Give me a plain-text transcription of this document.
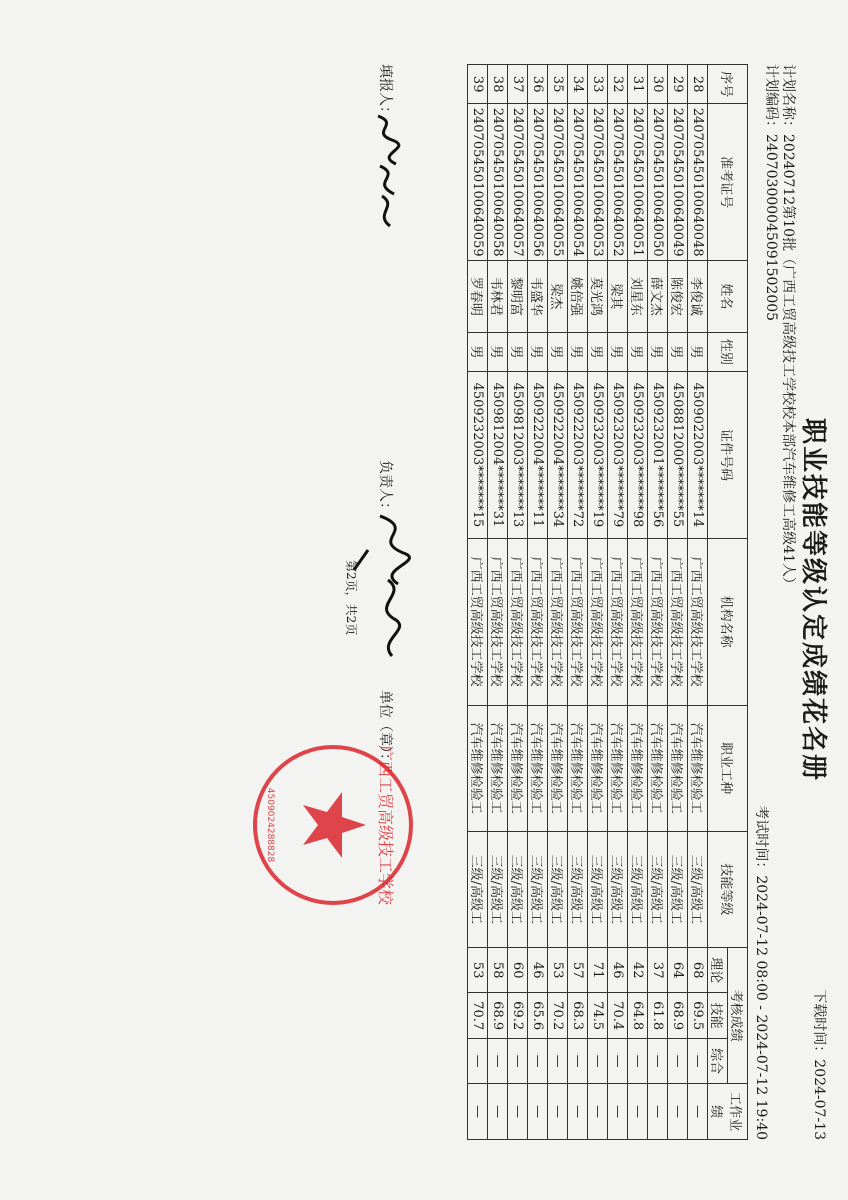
职业技能等级认定成绩花名册
下载时间：2024-07-13
计划名称：20240712第10批（广西工贸高级技工学校校本部汽车维修工高级41人）
计划编码：24070300004509150200​5
考试时间：2024-07-12 08:00 - 2024-07-12 19:40
序号	准考证号	姓名	性别	证件号码	机构名称	职业工种	技能等级	考核成绩			工作业绩
								理论	技能	综合	
28	240705450100640048	李俊诚	男	45090220​03*******14	广西工贸高级技工学校	汽车维修检验工	三级/高级工	68	69.5	—	—
29	240705450100640049	陈俊宏	男	45088120​00*******55	广西工贸高级技工学校	汽车维修检验工	三级/高级工	64	68.9	—	—
30	240705450100640050	薛文杰	男	45092320​01*******56	广西工贸高级技工学校	汽车维修检验工	三级/高级工	37	61.8	—	—
31	240705450100640051	刘星东	男	45092320​03*******98	广西工贸高级技工学校	汽车维修检验工	三级/高级工	42	64.8	—	—
32	240705450100640052	梁其	男	45092320​03*******79	广西工贸高级技工学校	汽车维修检验工	三级/高级工	46	70.4	—	—
33	240705450100640053	莫光鸿	男	45092320​03*******19	广西工贸高级技工学校	汽车维修检验工	三级/高级工	71	74.5	—	—
34	240705450100640054	姚倍强	男	45092220​03*******72	广西工贸高级技工学校	汽车维修检验工	三级/高级工	57	68.3	—	—
35	240705450100640055	梁杰	男	45092220​04*******34	广西工贸高级技工学校	汽车维修检验工	三级/高级工	53	70.2	—	—
36	240705450100640056	韦盛华	男	45092220​04*******11	广西工贸高级技工学校	汽车维修检验工	三级/高级工	46	65.6	—	—
37	240705450100640057	黎明富	男	45098120​03*******13	广西工贸高级技工学校	汽车维修检验工	三级/高级工	60	69.2	—	—
38	240705450100640058	韦林君	男	45098120​04*******31	广西工贸高级技工学校	汽车维修检验工	三级/高级工	58	68.9	—	—
39	240705450100640059	罗春明	男	45092320​03*******15	广西工贸高级技工学校	汽车维修检验工	三级/高级工	53	70.7	—	—
填报人：
负责人：
第2页，共2页
单位（章）：
广西工贸高级技工学校
4509024288828
